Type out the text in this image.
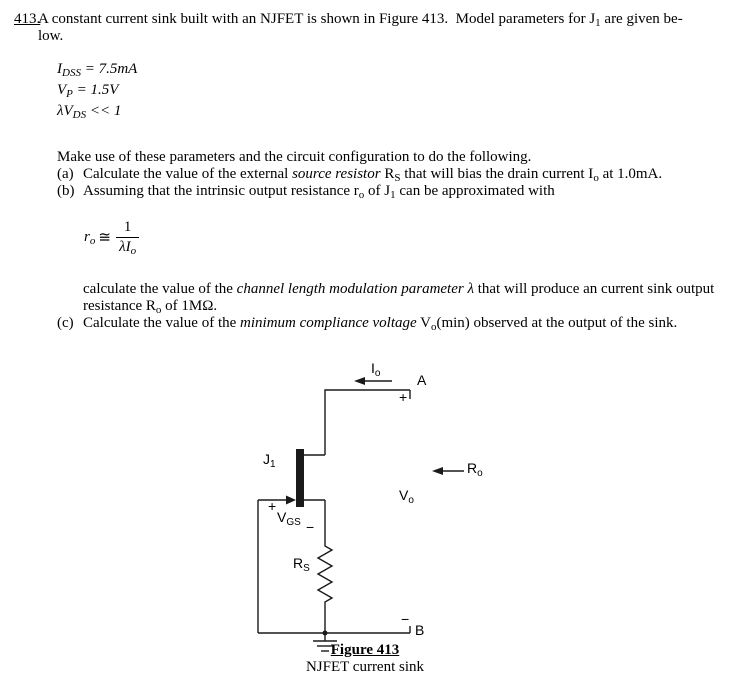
413.
A constant current sink built with an NJFET is shown in Figure 413.  Model parameters for $J_1$ are given be-
low.
$I_{DSS} = 7.5mA$
$V_P = 1.5V$
$\lambda V_{DS} << 1$
Make use of these parameters and the circuit configuration to do the following.
(a) Calculate the value of the external source resistor $R_S$ that will bias the drain current $I_o$ at 1.0mA.
(b) Assuming that the intrinsic output resistance $r_o$ of $J_1$ can be approximated with
$r_o$ ≅ $\frac{1}{\lambda I_o}$
calculate the value of the channel length modulation parameter λ that will produce an current sink output
resistance $R_o$ of 1MΩ.
(c) Calculate the value of the minimum compliance voltage $V_o(\min)$ observed at the output of the sink.
$I_o$	A
+
$R_o$
$V_o$
$J_1$
+
$V_{GS}$ −
$R_S$
−
B
Figure 413
NJFET current sink
